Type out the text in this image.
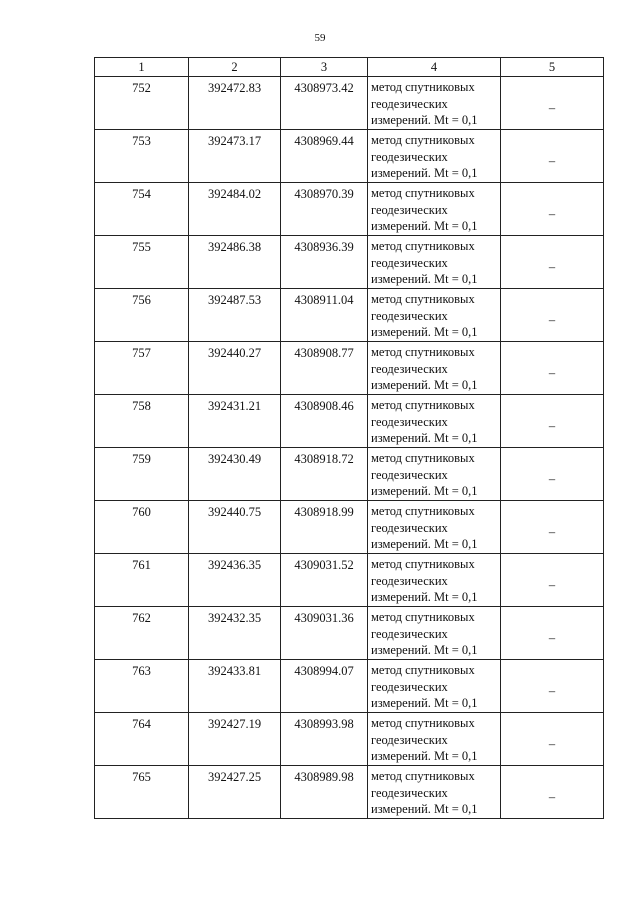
59
1	2	3	4	5
752	392472.83	4308973.42	метод спутниковых
геодезических
измерений. Mt = 0,1	–
753	392473.17	4308969.44	метод спутниковых
геодезических
измерений. Mt = 0,1	–
754	392484.02	4308970.39	метод спутниковых
геодезических
измерений. Mt = 0,1	–
755	392486.38	4308936.39	метод спутниковых
геодезических
измерений. Mt = 0,1	–
756	392487.53	4308911.04	метод спутниковых
геодезических
измерений. Mt = 0,1	–
757	392440.27	4308908.77	метод спутниковых
геодезических
измерений. Mt = 0,1	–
758	392431.21	4308908.46	метод спутниковых
геодезических
измерений. Mt = 0,1	–
759	392430.49	4308918.72	метод спутниковых
геодезических
измерений. Mt = 0,1	–
760	392440.75	4308918.99	метод спутниковых
геодезических
измерений. Mt = 0,1	–
761	392436.35	4309031.52	метод спутниковых
геодезических
измерений. Mt = 0,1	–
762	392432.35	4309031.36	метод спутниковых
геодезических
измерений. Mt = 0,1	–
763	392433.81	4308994.07	метод спутниковых
геодезических
измерений. Mt = 0,1	–
764	392427.19	4308993.98	метод спутниковых
геодезических
измерений. Mt = 0,1	–
765	392427.25	4308989.98	метод спутниковых
геодезических
измерений. Mt = 0,1	–
